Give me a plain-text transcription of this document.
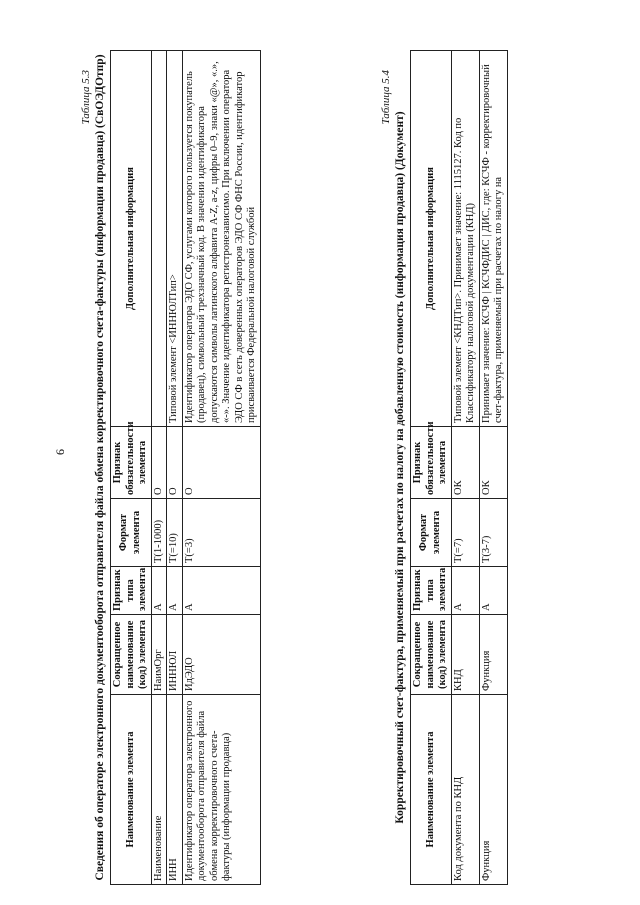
9
Таблица 5.3 Сведения об операторе электронного документооборота отправителя файла обмена корректировочного счета-фактуры (информации продавца) (СвОЭДОтпр) Наименование элемента	Сокращенное наименование (код) элемента	Признак типа элемента	Формат элемента	Признак обязательности элемента	Дополнительная информация
Наименование	НаимОрг	А	T(1-1000)	О	
ИНН	ИННЮЛ	А	T(=10)	О	Типовой элемент <ИННЮЛТип>
Идентификатор оператора электронного документооборота отправителя файла обмена корректировочного счета-фактуры (информации продавца)	ИдЭДО	А	T(=3)	О	Идентификатор оператора ЭДО СФ, услугами которого пользуется покупатель (продавец), символьный трехзначный код. В значении идентификатора допускаются символы латинского алфавита A-Z, a-z, цифры 0–9, знаки «@», «.», «-». Значение идентификатора регистронезависимо. При включении оператора ЭДО СФ в сеть доверенных операторов ЭДО СФ ФНС России, идентификатор присваивается Федеральной налоговой службой
Таблица 5.4
Корректировочный счет-фактура, применяемый при расчетах по налогу на добавленную стоимость (информация продавца) (Документ) Наименование элемента	Сокращенное наименование (код) элемента	Признак типа элемента	Формат элемента	Признак обязательности элемента	Дополнительная информация
Код документа по КНД	КНД	А	T(=7)	ОК	Типовой элемент <КНДТип>. Принимает значение: 1115127. Код по Классификатору налоговой документации (КНД)
Функция	Функция	А	T(3-7)	ОК	Принимает значение: КСЧФ | КСЧФДИС | ДИС, где: КСЧФ - корректировочный счет-фактура, применяемый при расчетах по налогу на
